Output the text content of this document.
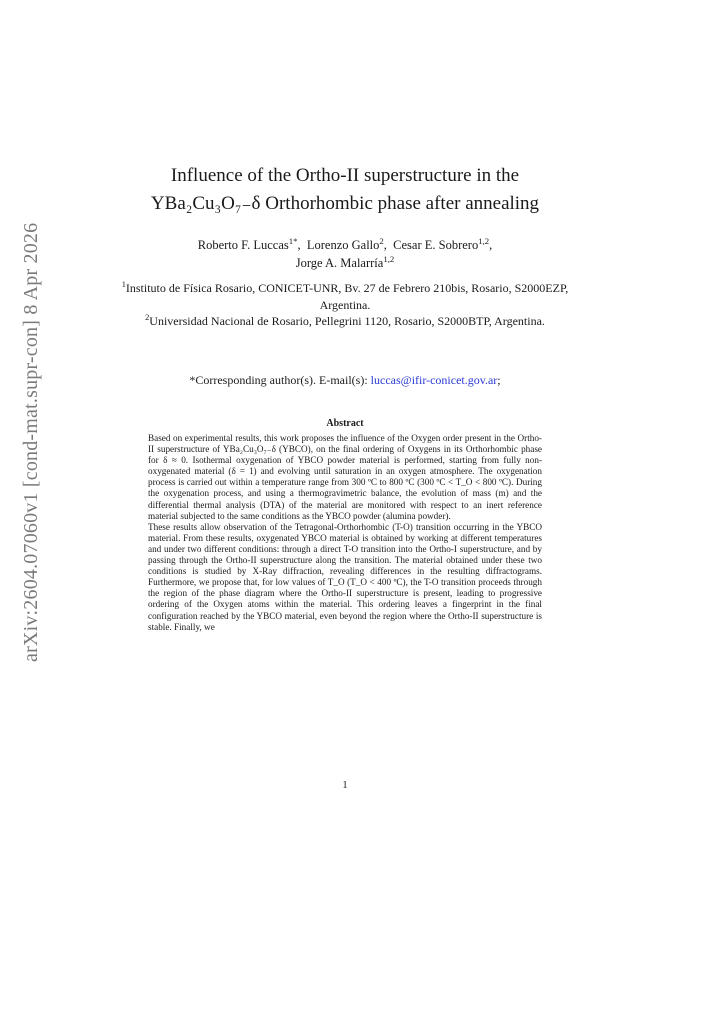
arXiv:2604.07060v1 [cond-mat.supr-con] 8 Apr 2026
Influence of the Ortho-II superstructure in the
YBa₂Cu₃O₇₋δ Orthorhombic phase after annealing
Roberto F. Luccas$^{1*}$,  Lorenzo Gallo$^2$,  Cesar E. Sobrero$^{1,2}$,
Jorge A. Malarría$^{1,2}$
$^1$Instituto de Física Rosario, CONICET-UNR, Bv. 27 de Febrero 210bis, Rosario, S2000EZP, Argentina.
$^2$Universidad Nacional de Rosario, Pellegrini 1120, Rosario, S2000BTP, Argentina.
*Corresponding author(s). E-mail(s): luccas@ifir-conicet.gov.ar;
Abstract

Based on experimental results, this work proposes the influence of the Oxygen order present in the Ortho-II superstructure of YBa₂Cu₃O₇₋δ (YBCO), on the final ordering of Oxygens in its Orthorhombic phase for δ ≈ 0. Isothermal oxygenation of YBCO powder material is performed, starting from fully non-oxygenated material (δ = 1) and evolving until saturation in an oxygen atmosphere. The oxygenation process is carried out within a temperature range from 300 ºC to 800 ºC (300 ºC < T_O < 800 ºC). During the oxygenation process, and using a thermogravimetric balance, the evolution of mass (m) and the differential thermal analysis (DTA) of the material are monitored with respect to an inert reference material subjected to the same conditions as the YBCO powder (alumina powder).

These results allow observation of the Tetragonal-Orthorhombic (T-O) transition occurring in the YBCO material. From these results, oxygenated YBCO material is obtained by working at different temperatures and under two different conditions: through a direct T-O transition into the Ortho-I superstructure, and by passing through the Ortho-II superstructure along the transition. The material obtained under these two conditions is studied by X-Ray diffraction, revealing differences in the resulting diffractograms. Furthermore, we propose that, for low values of T_O (T_O < 400 ºC), the T-O transition proceeds through the region of the phase diagram where the Ortho-II superstructure is present, leading to progressive ordering of the Oxygen atoms within the material. This ordering leaves a fingerprint in the final configuration reached by the YBCO material, even beyond the region where the Ortho-II superstructure is stable. Finally, we

1
